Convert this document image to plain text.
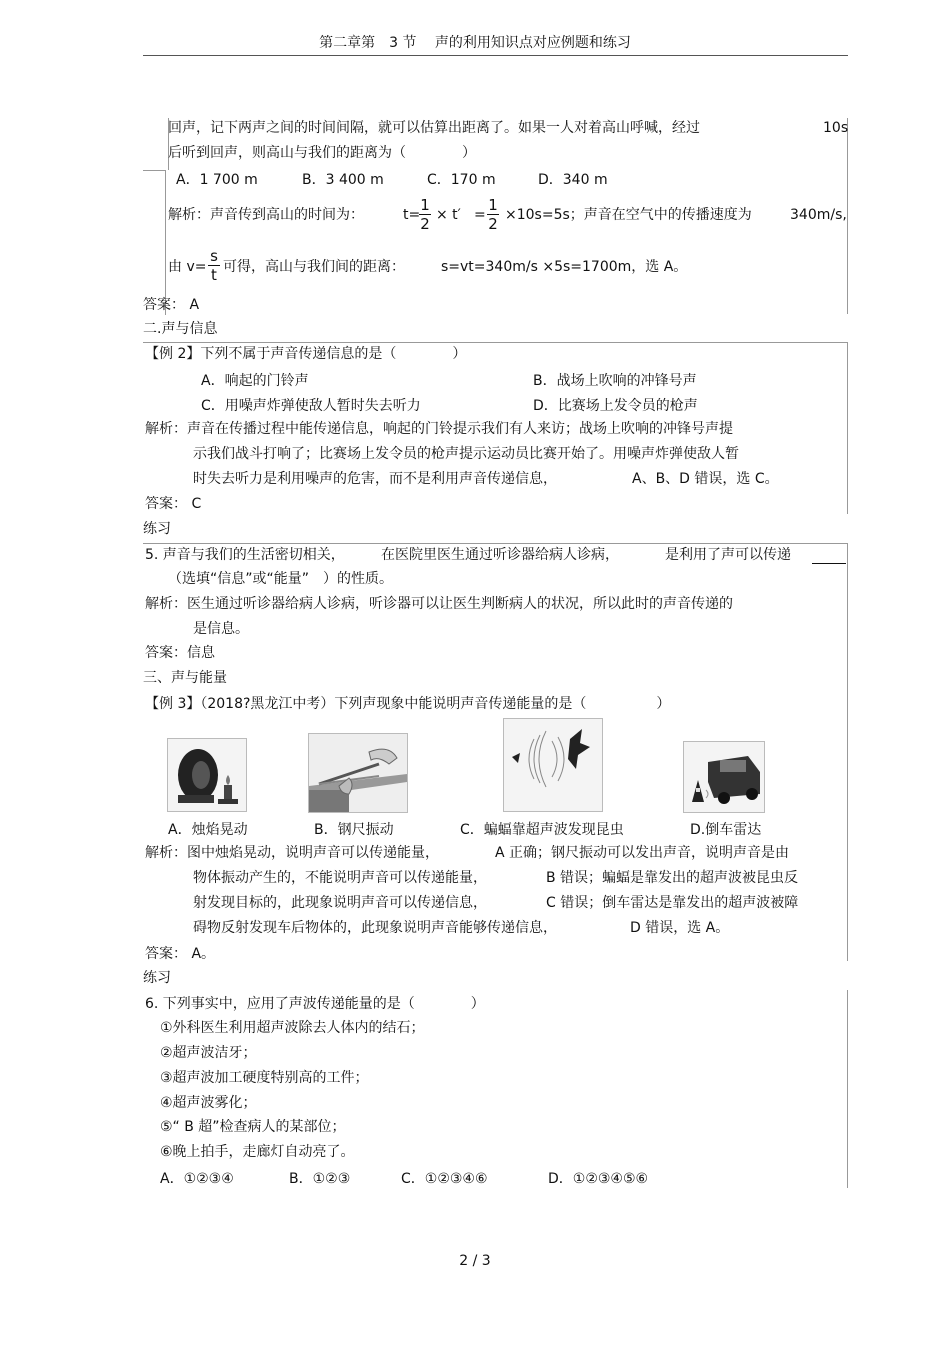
第二章第　3 节　 声的利用知识点对应例题和练习
回声，记下两声之间的时间间隔，就可以估算出距离了。如果一人对着高山呼喊，经过	10s
后听到回声，则高山与我们的距离为（　　　　）
A．1 700 m	B．3 400 m	C．170 m	D．340 m
解析：声音传到高山的时间为：	t=
1
2 × t′ =
1
2 ×10s=5s；声音在空气中的传播速度为	340m/s,
由 v=
s
t 可得，高山与我们间的距离：	s=vt=340m/s ×5s=1700m，选 A。
答案： A
二.声与信息
【例 2】下列不属于声音传递信息的是（　　　　）
A．响起的门铃声	B．战场上吹响的冲锋号声
C．用噪声炸弹使敌人暂时失去听力	D．比赛场上发令员的枪声
解析：声音在传播过程中能传递信息，响起的门铃提示我们有人来访；战场上吹响的冲锋号声提
示我们战斗打响了；比赛场上发令员的枪声提示运动员比赛开始了。用噪声炸弹使敌人暂
时失去听力是利用噪声的危害，而不是利用声音传递信息，	A、B、D 错误，选 C。
答案： C
练习
5. 声音与我们的生活密切相关，	在医院里医生通过听诊器给病人诊病，	是利用了声可以传递
（选填“信息”或“能量”　）的性质。
解析：医生通过听诊器给病人诊病，听诊器可以让医生判断病人的状况，所以此时的声音传递的
是信息。
答案：信息
三、声与能量
【例 3】（2018?黑龙江中考）下列声现象中能说明声音传递能量的是（　　　　　）
A．烛焰晃动	B．钢尺振动	C．蝙蝠靠超声波发现昆虫	D.倒车雷达
解析：图中烛焰晃动，说明声音可以传递能量，	A 正确；钢尺振动可以发出声音，说明声音是由
物体振动产生的，不能说明声音可以传递能量，	B 错误；蝙蝠是靠发出的超声波被昆虫反
射发现目标的，此现象说明声音可以传递信息，	C 错误；倒车雷达是靠发出的超声波被障
碍物反射发现车后物体的，此现象说明声音能够传递信息，	D 错误，选 A。
答案： A。
练习
6. 下列事实中，应用了声波传递能量的是（　　　　）
①外科医生利用超声波除去人体内的结石；
②超声波洁牙；
③超声波加工硬度特别高的工件；
④超声波雾化；
⑤“ B 超”检查病人的某部位；
⑥晚上拍手，走廊灯自动亮了。
A．①②③④	B．①②③	C．①②③④⑥	D．①②③④⑤⑥
2 / 3
